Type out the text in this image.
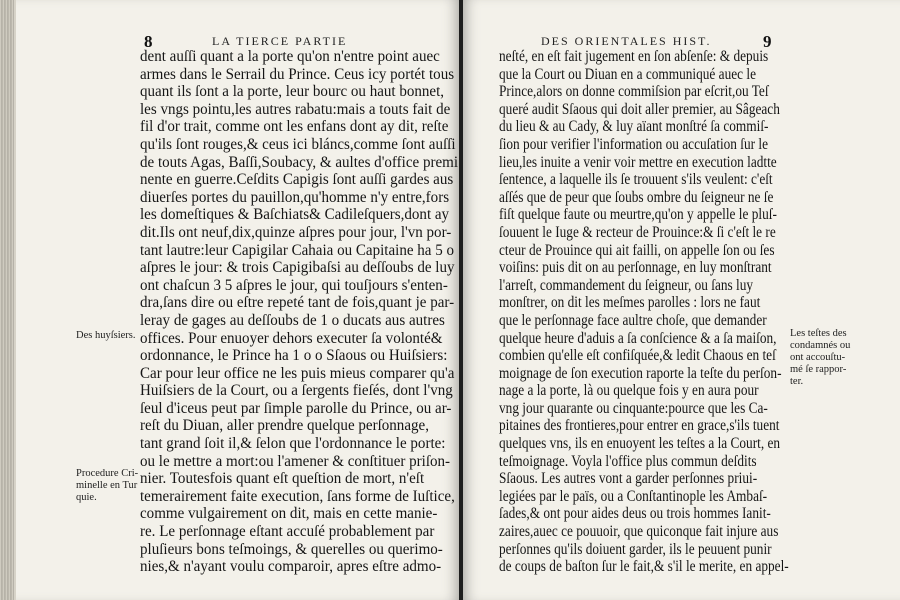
8	LA TIERCE PARTIE
dent auſſi quant a la porte qu'on n'entre point auec
armes dans le Serrail du Prince. Ceus icy portét tous
quant ils ſont a la porte, leur bourc ou haut bonnet,
les vngs pointu,les autres rabatu:mais a touts fait de
fil d'or trait, comme ont les enfans dont ay dit, reſte
qu'ils ſont rouges,& ceus ici bláncs,comme ſont auſſi
de touts Agas, Baſſi,Soubacy, & aultes d'office premi
nente en guerre.Ceſdits Capigis ſont auſſi gardes aus
diuerſes portes du pauillon,qu'homme n'y entre,fors
les domeſtiques & Baſchiats& Cadileſquers,dont ay
dit.Ils ont neuf,dix,quinze aſpres pour jour, l'vn por-
tant lautre:leur Capigilar Cahaia ou Capitaine ha 5 o
aſpres le jour: & trois Capigibaſsi au deſſoubs de luy
ont chaſcun 3 5 aſpres le jour, qui touſjours s'enten-
dra,ſans dire ou eſtre repeté tant de fois,quant je par-
leray de gages au deſſoubs de 1 o ducats aus autres
offices. Pour enuoyer dehors executer ſa volonté&
ordonnance, le Prince ha 1 o o Sſaous ou Huiſsiers:
Car pour leur office ne les puis mieus comparer qu'a
Huiſsiers de la Court, ou a ſergents fieſés, dont l'vng
ſeul d'iceus peut par ſimple parolle du Prince, ou ar-
reſt du Diuan, aller prendre quelque perſonnage,
tant grand ſoit il,& ſelon que l'ordonnance le porte:
ou le mettre a mort:ou l'amener & conſtituer priſon-
nier. Toutesfois quant eſt queſtion de mort, n'eſt
temerairement faite execution, ſans forme de Iuſtice,
comme vulgairement on dit, mais en cette manie-
re. Le perſonnage eſtant accuſé probablement par
pluſieurs bons teſmoings, & querelles ou querimo-
nies,& n'ayant voulu comparoir, apres eſtre admo-
Des huyſsiers.
Procedure Cri-
minelle en Tur
quie.
DES ORIENTALES HIST.	9
neſté, en eſt fait jugement en ſon abſenſe: & depuis
que la Court ou Diuan en a communiqué auec le
Prince,alors on donne commiſsion par eſcrit,ou Teſ
queré audit Sſaous qui doit aller premier, au Sâgeach
du lieu & au Cady, & luy aïant monſtré ſa commiſ-
ſion pour verifier l'information ou accuſation ſur le
lieu,les inuite a venir voir mettre en execution ladtte
ſentence, a laquelle ils ſe trouuent s'ils veulent: c'eſt
aſſés que de peur que ſoubs ombre du ſeigneur ne ſe
fiſt quelque faute ou meurtre,qu'on y appelle le pluſ-
ſouuent le Iuge & recteur de Prouince:& ſi c'eſt le re
cteur de Prouince qui ait failli, on appelle ſon ou ſes
voiſins: puis dit on au perſonnage, en luy monſtrant
l'arreſt, commandement du ſeigneur, ou ſans luy
monſtrer, on dit les meſmes parolles : lors ne faut
que le perſonnage face aultre choſe, que demander
quelque heure d'aduis a ſa conſcience & a ſa maiſon,
combien qu'elle eſt confiſquée,& ledit Chaous en teſ
moignage de ſon execution raporte la teſte du perſon-
nage a la porte, là ou quelque fois y en aura pour
vng jour quarante ou cinquante:pource que les Ca-
pitaines des frontieres,pour entrer en grace,s'ils tuent
quelques vns, ils en enuoyent les teſtes a la Court, en
teſmoignage. Voyla l'office plus commun deſdits
Sſaous. Les autres vont a garder perſonnes priui-
legiées par le païs, ou a Conſtantinople les Ambaſ-
ſades,& ont pour aides deus ou trois hommes Ianit-
zaires,auec ce pouuoir, que quiconque fait injure aus
perſonnes qu'ils doiuent garder, ils le peuuent punir
de coups de baſton ſur le fait,& s'il le merite, en appel-
Les teſtes des
condamnés ou
ont accouſtu-
mé ſe rappor-
ter.
